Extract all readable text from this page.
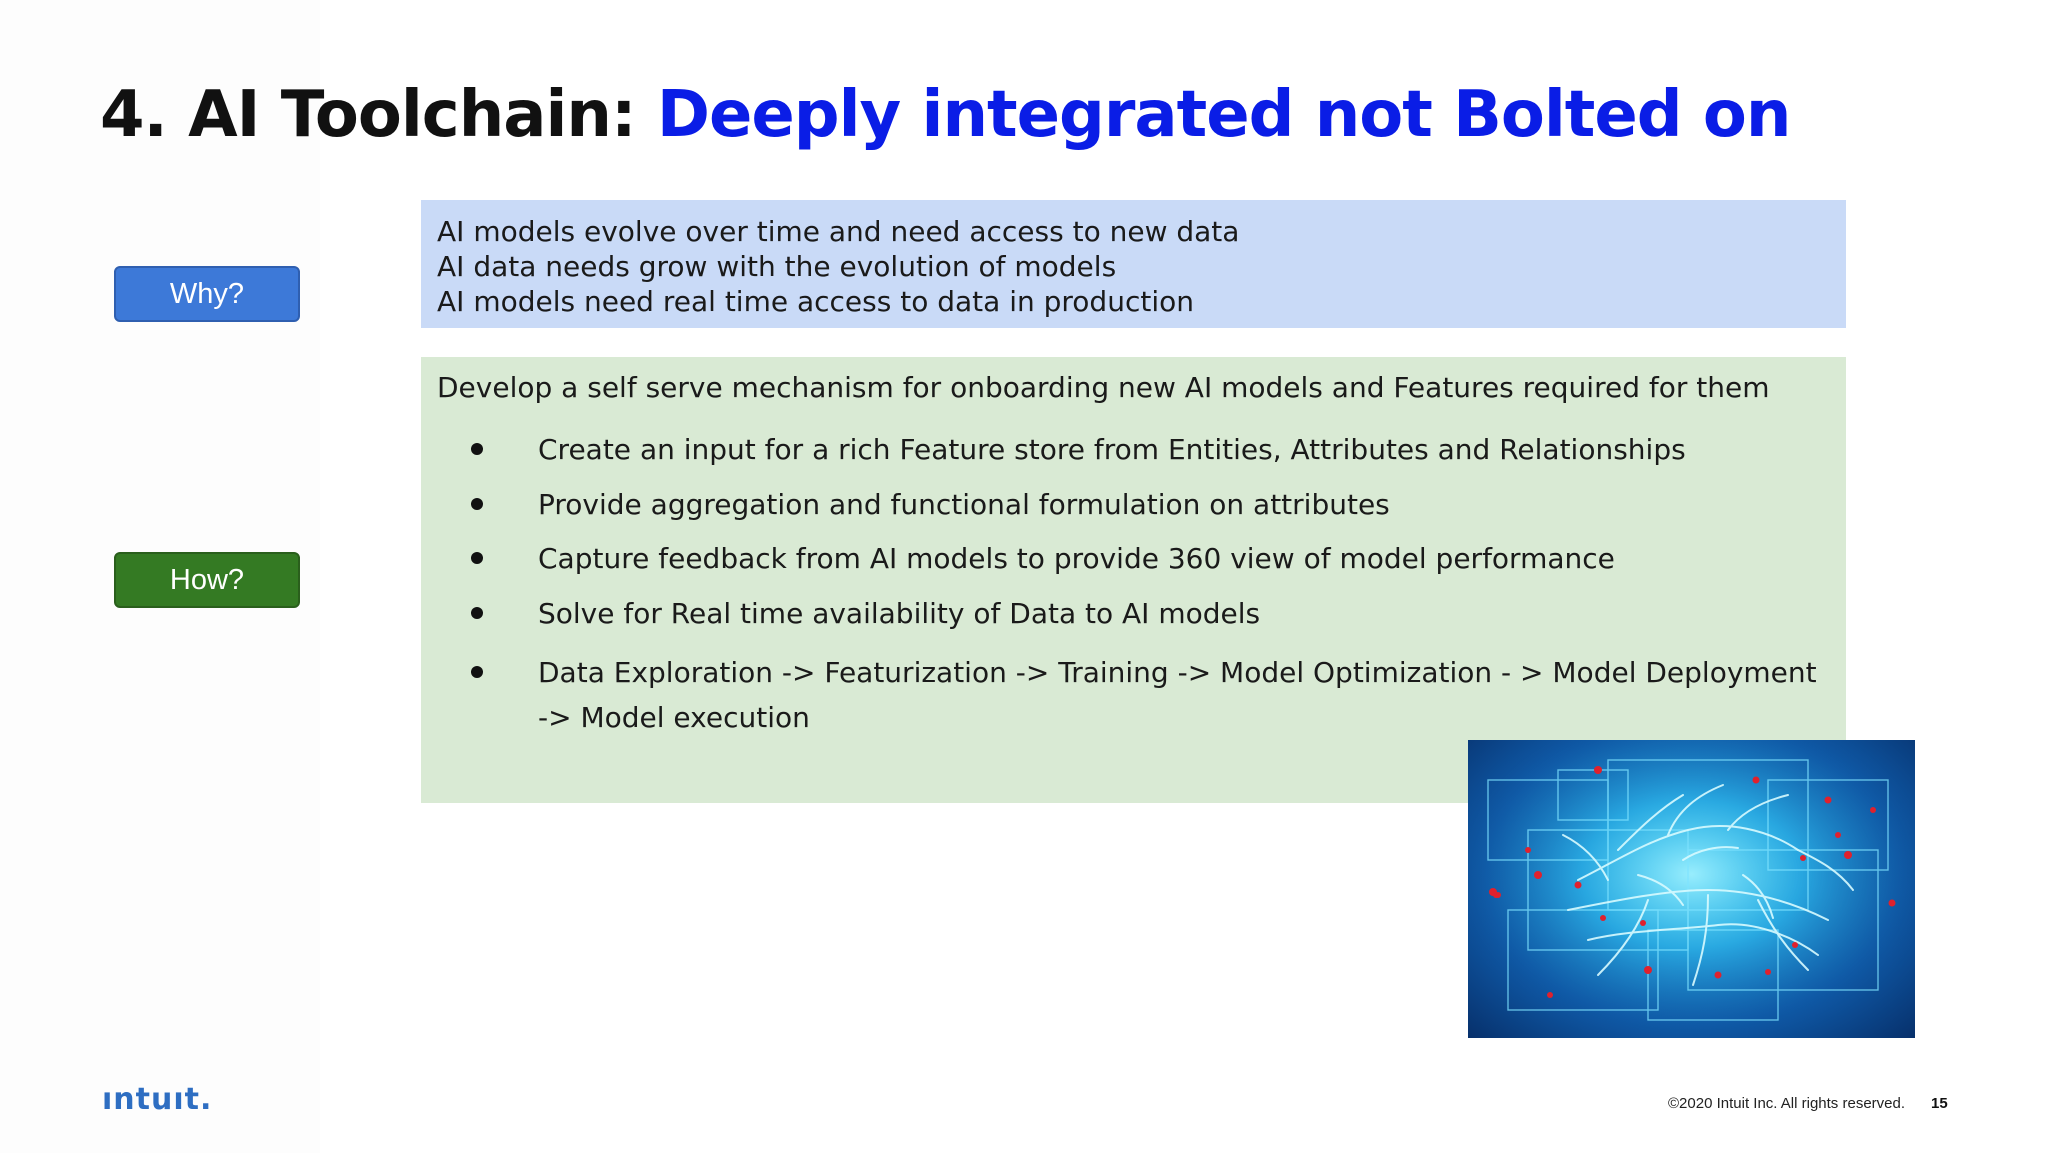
4. AI Toolchain: Deeply integrated not Bolted on
Why?
How?
AI models evolve over time and need access to new data
AI data needs grow with the evolution of models
AI models need real time access to data in production
Develop a self serve mechanism for onboarding new AI models and Features required for them
Create an input for a rich Feature store from Entities, Attributes and Relationships
Provide aggregation and functional formulation on attributes
Capture feedback from AI models to provide 360 view of model performance
Solve for Real time availability of Data to AI models
Data Exploration -> Featurization -> Training -> Model Optimization - > Model Deployment -> Model execution
ıntuıt.	©2020 Intuit Inc. All rights reserved. 15
